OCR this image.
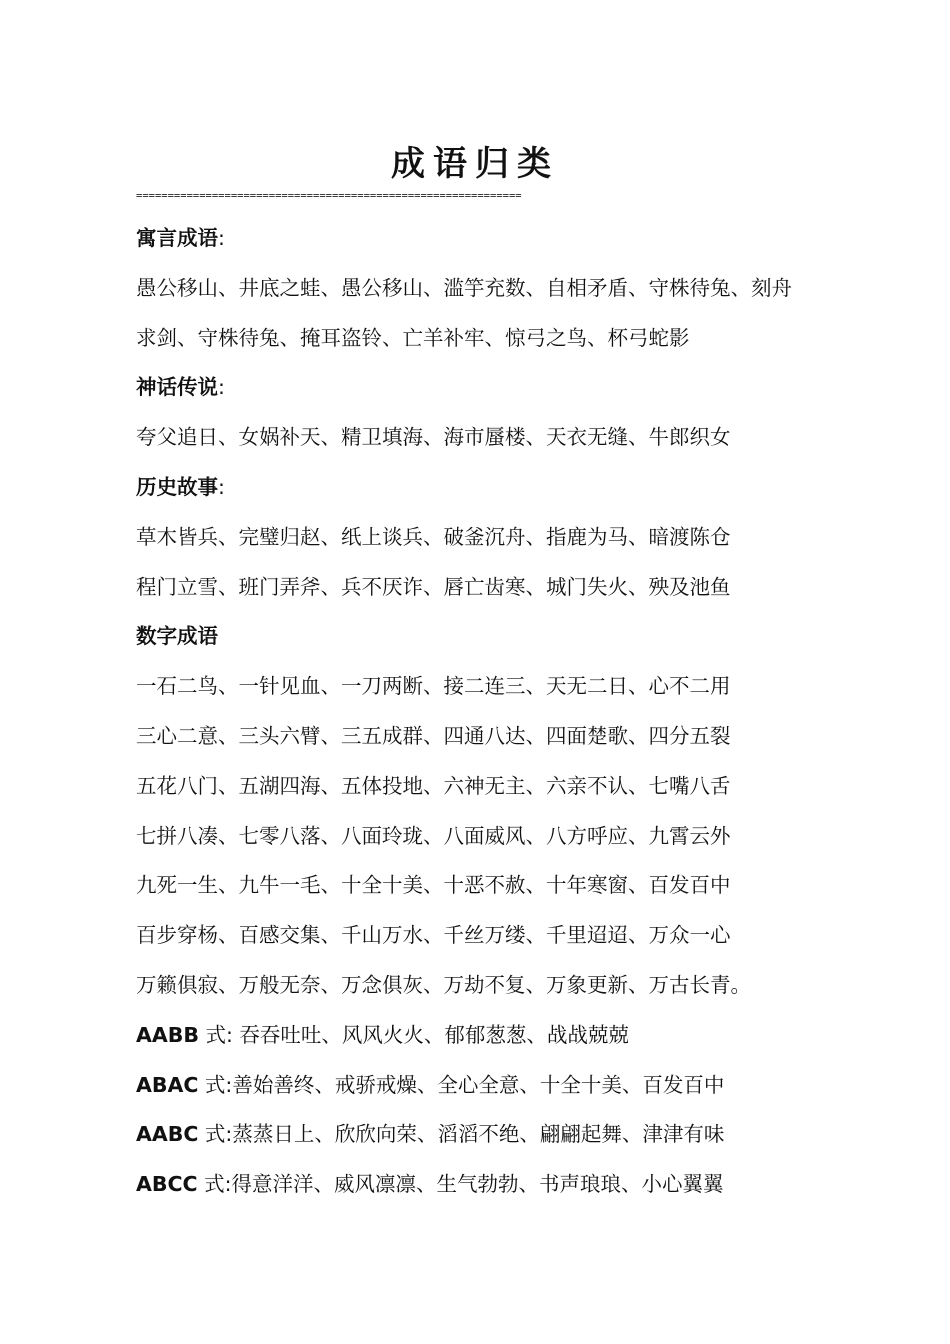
成语归类
=============================================================
寓言成语:
愚公移山、井底之蛙、愚公移山、滥竽充数、自相矛盾、守株待兔、刻舟
求剑、守株待兔、掩耳盗铃、亡羊补牢、惊弓之鸟、杯弓蛇影
神话传说:
夸父追日、女娲补天、精卫填海、海市蜃楼、天衣无缝、牛郎织女
历史故事:
草木皆兵、完璧归赵、纸上谈兵、破釜沉舟、指鹿为马、暗渡陈仓
程门立雪、班门弄斧、兵不厌诈、唇亡齿寒、城门失火、殃及池鱼
数字成语
一石二鸟、一针见血、一刀两断、接二连三、天无二日、心不二用
三心二意、三头六臂、三五成群、四通八达、四面楚歌、四分五裂
五花八门、五湖四海、五体投地、六神无主、六亲不认、七嘴八舌
七拼八凑、七零八落、八面玲珑、八面威风、八方呼应、九霄云外
九死一生、九牛一毛、十全十美、十恶不赦、十年寒窗、百发百中
百步穿杨、百感交集、千山万水、千丝万缕、千里迢迢、万众一心
万籁俱寂、万般无奈、万念俱灰、万劫不复、万象更新、万古长青。
AABB 式: 吞吞吐吐、风风火火、郁郁葱葱、战战兢兢
ABAC 式:善始善终、戒骄戒燥、全心全意、十全十美、百发百中
AABC 式:蒸蒸日上、欣欣向荣、滔滔不绝、翩翩起舞、津津有味
ABCC 式:得意洋洋、威风凛凛、生气勃勃、书声琅琅、小心翼翼
